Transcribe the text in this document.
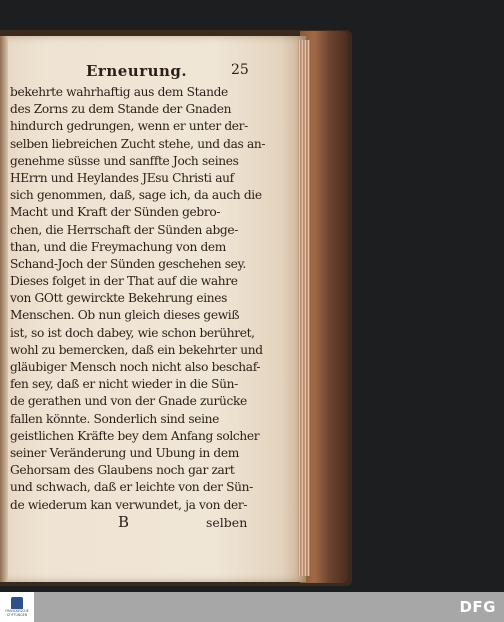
Erneurung.	25
bekehrte wahrhaftig aus dem Stande
des Zorns zu dem Stande der Gnaden
hindurch gedrungen, wenn er unter der-
selben liebreichen Zucht stehe, und das an-
genehme süsse und sanffte Joch seines
HErrn und Heylandes JEsu Christi auf
sich genommen, daß, sage ich, da auch die
Macht und Kraft der Sünden gebro-
chen, die Herrschaft der Sünden abge-
than, und die Freymachung von dem
Schand-Joch der Sünden geschehen sey.
Dieses folget in der That auf die wahre
von GOtt gewirckte Bekehrung eines
Menschen. Ob nun gleich dieses gewiß
ist, so ist doch dabey, wie schon berühret,
wohl zu bemercken, daß ein bekehrter und
gläubiger Mensch noch nicht also beschaf-
fen sey, daß er nicht wieder in die Sün-
de gerathen und von der Gnade zurücke
fallen könnte. Sonderlich sind seine
geistlichen Kräfte bey dem Anfang solcher
seiner Veränderung und Ubung in dem
Gehorsam des Glaubens noch gar zart
und schwach, daß er leichte von der Sün-
de wiederum kan verwundet, ja von der-
B	selben
FRANCKESCHE STIFTUNGEN	DFG
